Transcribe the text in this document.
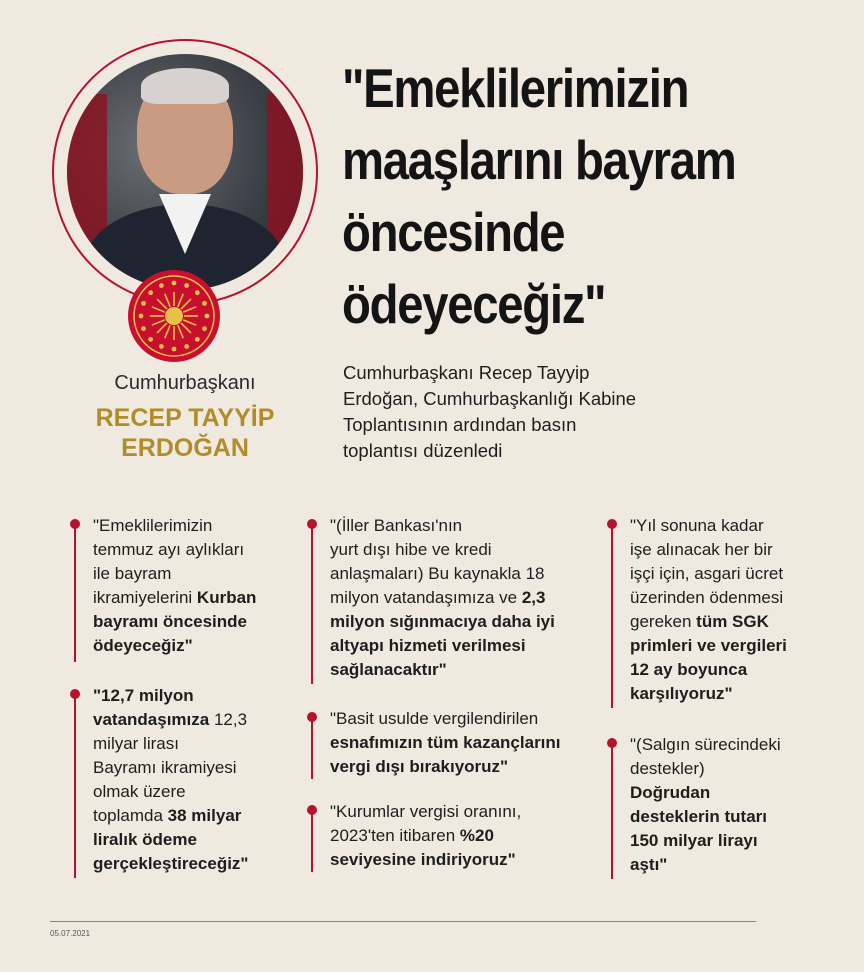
"Emeklilerimizin
maaşlarını bayram
öncesinde
ödeyeceğiz"
Cumhurbaşkanı
RECEP TAYYİP
ERDOĞAN
Cumhurbaşkanı Recep Tayyip
Erdoğan, Cumhurbaşkanlığı Kabine
Toplantısının ardından basın
toplantısı düzenledi
"Emeklilerimizin
temmuz ayı aylıkları
ile bayram
ikramiyelerini Kurban
bayramı öncesinde
ödeyeceğiz"
"12,7 milyon
vatandaşımıza 12,3
milyar lirası
Bayramı ikramiyesi
olmak üzere
toplamda 38 milyar
liralık ödeme
gerçekleştireceğiz"
"(İller Bankası'nın
yurt dışı hibe ve kredi
anlaşmaları) Bu kaynakla 18
milyon vatandaşımıza ve 2,3
milyon sığınmacıya daha iyi
altyapı hizmeti verilmesi
sağlanacaktır"
"Basit usulde vergilendirilen
esnafımızın tüm kazançlarını
vergi dışı bırakıyoruz"
"Kurumlar vergisi oranını,
2023'ten itibaren %20
seviyesine indiriyoruz"
"Yıl sonuna kadar
işe alınacak her bir
işçi için, asgari ücret
üzerinden ödenmesi
gereken tüm SGK
primleri ve vergileri
12 ay boyunca
karşılıyoruz"
"(Salgın sürecindeki
destekler)
Doğrudan
desteklerin tutarı
150 milyar lirayı
aştı"
05.07.2021
